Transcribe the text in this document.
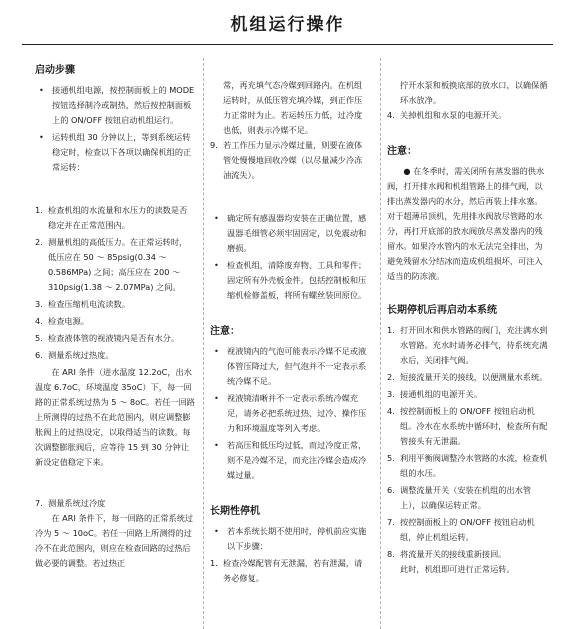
机组运行操作
启动步骤
• 接通机组电源，按控制面板上的 MODE 按钮选择制冷或制热，然后按控制面板上的 ON/OFF 按钮启动机组运行。
• 运转机组 30 分钟以上，等到系统运转稳定时，检查以下各项以确保机组的正常运转：
1. 检查机组的水流量和水压力的读数是否稳定并在正常范围内。
2. 测量机组的高低压力。在正常运转时，低压应在 50 ～ 85psig(0.34 ～ 0.586MPa) 之间；高压应在 200 ～ 310psig(1.38 ～ 2.07MPa) 之间。
3. 检查压缩机电流读数。
4. 检查电源。
5. 检查液体管的视液镜内是否有水分。
6. 测量系统过热度。
在 ARI 条件（进水温度 12.2oC，出水温度 6.7oC，环境温度 35oC）下，每一回路的正常系统过热为 5 ～ 8oC。若任一回路上所测得的过热不在此范围内，则应调整膨胀阀上的过热设定，以取得适当的读数。每次调整膨胀阀后，应等待 15 到 30 分钟让新设定值稳定下来。
7. 测量系统过冷度
在 ARI 条件下，每一回路的正常系统过冷为 5 ～ 10oC。若任一回路上所测得的过冷不在此范围内，则应在检查回路的过热后做必要的调整。若过热正
常，再充填气态冷媒到回路内。在机组运转时，从低压管充填冷媒，到正作压力正常时为止。若运转压力低，过冷度也低，则表示冷媒不足。
9. 若工作压力显示冷媒过量，则要在液体管处慢慢地回收冷媒（以尽量减少冷冻油流失）。
• 确定所有感温器均安装在正确位置，感温器毛细管必须牢固固定，以免震动和磨损。
• 检查机组，清除废弃物、工具和零件；固定所有外壳板金件，包括控制板和压缩机检修盖板，将所有螺丝装回原位。
注意：
• 视液镜内的气泡可能表示冷媒不足或液体管压降过大，但气泡并不一定表示系统冷媒不足。
• 视液镜清晰并不一定表示系统冷媒充足，请务必把系统过热、过冷、操作压力和环境温度等列入考虑。
• 若高压和低压均过低，而过冷度正常，则不是冷媒不足，而充注冷媒会造成冷媒过量。
长期性停机
• 若本系统长期不使用时，停机前应实施以下步骤：
1. 检查冷媒配管有无泄漏，若有泄漏，请务必修复。
拧开水泵和板换底部的放水口，以确保循环水放净。
4. 关掉机组和水泵的电源开关。
注意：
● 在冬季时，需关闭所有蒸发器的供水阀，打开排水阀和机组管路上的排气阀，以排出蒸发器内的水分，然后再装上排水塞。对于超薄吊顶机，先用排水阀放尽管路的水分，再打开底部的放水阀放尽蒸发器内的残留水。如果冷水管内的水无法完全排出，为避免残留水分结冰而造成机组损坏，可注入适当的防冻液。
长期停机后再启动本系统
1. 打开回水和供水管路的阀门，充注满水到水管路。充水时请务必排气，待系统充满水后，关闭排气阀。
2. 短接流量开关的接线，以便测量水系统。
3. 接通机组的电源开关。
4. 按控制面板上的 ON/OFF 按钮启动机组。冷水在水系统中循环时，检查所有配管接头有无泄漏。
5. 利用平衡阀调整冷水管路的水流，检查机组的水压。
6. 调整流量开关（安装在机组的出水管上），以确保运转正常。
7. 按控制面板上的 ON/OFF 按钮启动机组，停止机组运转。
8. 将流量开关的接线重新接回。
此时，机组即可进行正常运转。
